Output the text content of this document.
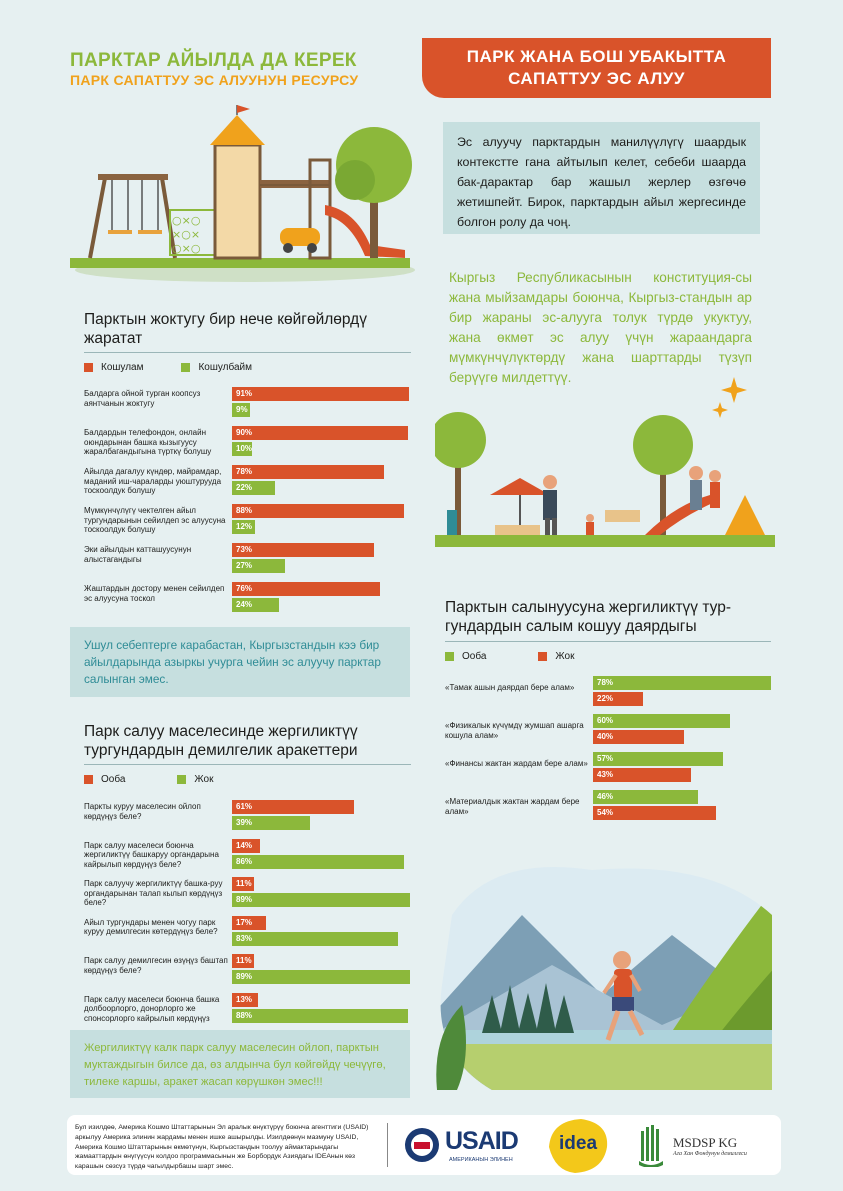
ПАРКТАР АЙЫЛДА ДА КЕРЕК
ПАРК САПАТТУУ ЭС АЛУУНУН РЕСУРСУ
ПАРК ЖАНА БОШ УБАКЫТТА
САПАТТУУ ЭС АЛУУ
○×○
×○×
○×○
Эс алуучу парктардын манилүүлүгү шаардык контекстте гана айтылып келет, себеби шаарда бак-дарактар бар жашыл жерлер өзгөчө жетишпейт. Бирок, парктардын айыл жергесинде болгон ролу да чоң.
Кыргыз Республикасынын конституция-сы жана мыйзамдары боюнча, Кыргыз-стандын ар бир жараны эс-алууга толук түрдө укуктуу, жана өкмөт эс алуу үчүн жараандарга мүмкүнчүлүктөрдү жана шарттарды түзүп берүүгө милдеттүү.
Парктын жоктугу бир нече көйгөйлөрдү жаратат
Кошулам	Кошулбайм
Балдарга ойной турган коопсуз аянтчанын жоктугу
91%
9%
Балдардын телефондон, онлайн оюндарынан башка кызыгуусу жаралбагандыгына түрткү болушу
90%
10%
Айылда дагалуу күндөр, майрамдар, маданий иш-чараларды уюштурууда тоскоолдук болушу
78%
22%
Мүмкүнчүлүгү чектелген айыл тургундарынын сейилдеп эс алуусуна тоскоолдук болушу
88%
12%
Эки айылдын катташуусунун алыстагандыгы
73%
27%
Жаштардын достору менен сейилдеп эс алуусуна тоскол
76%
24%
Ушул себептерге карабастан, Кыргызстандын кээ бир айылдарында азыркы учурга чейин эс алуучу парктар салынган эмес.
Парк салуу маселесинде жергиликтүү тургундардын демилгелик аракеттери
Ооба	Жок
Паркты куруу маселесин ойлоп көрдүңүз беле?
61%
39%
Парк салуу маселеси боюнча жергиликтүү башкаруу органдарына кайрылып көрдүңүз беле?
14%
86%
Парк салуучу жергиликтүү башка-руу органдарынан талап кылып көрдүңүз беле?
11%
89%
Айыл тургундары менен чогуу парк куруу демилгесин көтердүңүз беле?
17%
83%
Парк салуу демилгесин өзүңүз баштап көрдүңүз беле?
11%
89%
Парк салуу маселеси боюнча башка долбоорлорго, донорлорго же спонсорлорго кайрылып көрдүңүз
13%
88%
Жергиликтүү калк парк салуу маселесин ойлоп, парктын муктаждыгын билсе да, өз алдынча бул көйгөйдү чечүүгө, тилеке каршы, аракет жасап көрүшкөн эмес!!!
Парктын салынуусуна жергиликтүү тур-гундардын салым кошуу даярдыгы
Ооба	Жок
«Тамак ашын даярдап бере алам»
78%
22%
«Физикалык күчүмдү жумшап ашарга кошула алам»
60%
40%
«Финансы жактан жардам бере алам»
57%
43%
«Материалдык жактан жардам бере алам»
46%
54%
Бул изилдөө, Америка Кошмо Штаттарынын Эл аралык өнүктүрүү боюнча агенттиги (USAID) аркылуу Америка элинин жардамы менен ишке ашырылды. Изилдөөнүн мазмуну USAID, Америка Кошмо Штаттарынын өкмөтүнүн, Кыргызстандын тоолуу аймактарындагы жамааттардын өнүгүүсүн колдоо программасынын же Борбордук Азиядагы IDEAнын көз карашын сөзсүз түрдө чагылдырбашы шарт эмес.
USAID
АМЕРИКАНЫН ЭЛИНЕН
idea	MSDSP KG
Ага Хан Фондунун демилгеси
